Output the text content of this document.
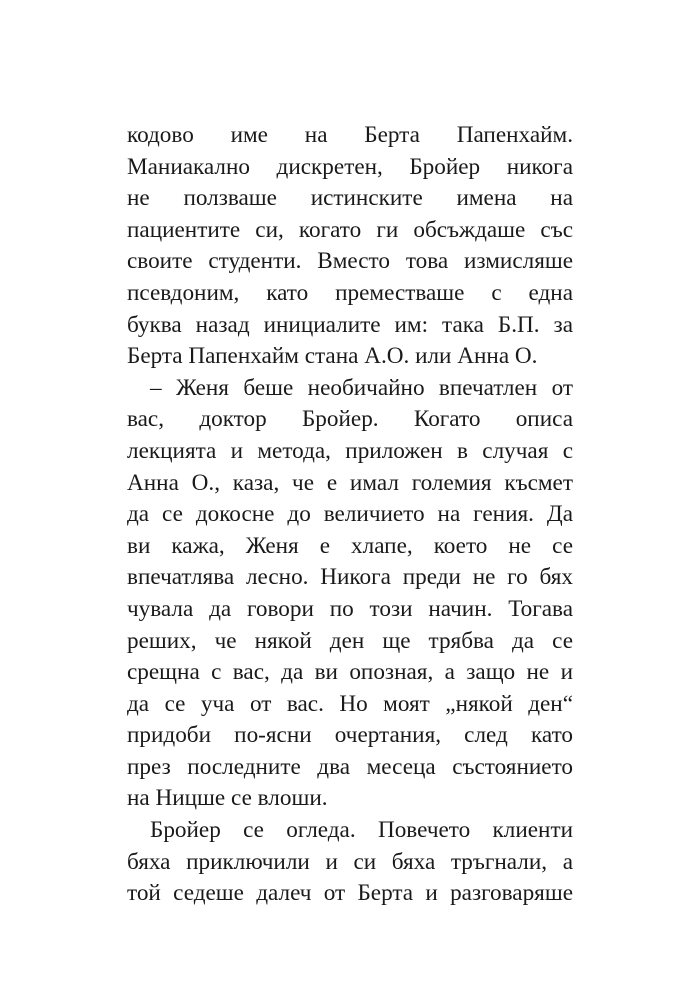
кодово име на Берта Папенхайм.
Маниакално дискретен, Бройер никога
не ползваше истинските имена на
пациентите си, когато ги обсъждаше със
своите студенти. Вместо това измисляше
псевдоним, като преместваше с една
буква назад инициалите им: така Б.П. за
Берта Папенхайм стана А.О. или Анна О.
– Женя беше необичайно впечатлен от
вас, доктор Бройер. Когато описа
лекцията и метода, приложен в случая с
Анна О., каза, че е имал големия късмет
да се докосне до величието на гения. Да
ви кажа, Женя е хлапе, което не се
впечатлява лесно. Никога преди не го бях
чувала да говори по този начин. Тогава
реших, че някой ден ще трябва да се
срещна с вас, да ви опозная, а защо не и
да се уча от вас. Но моят „някой ден“
придоби по-ясни очертания, след като
през последните два месеца състоянието
на Ницше се влоши.
Бройер се огледа. Повечето клиенти
бяха приключили и си бяха тръгнали, а
той седеше далеч от Берта и разговаряше
